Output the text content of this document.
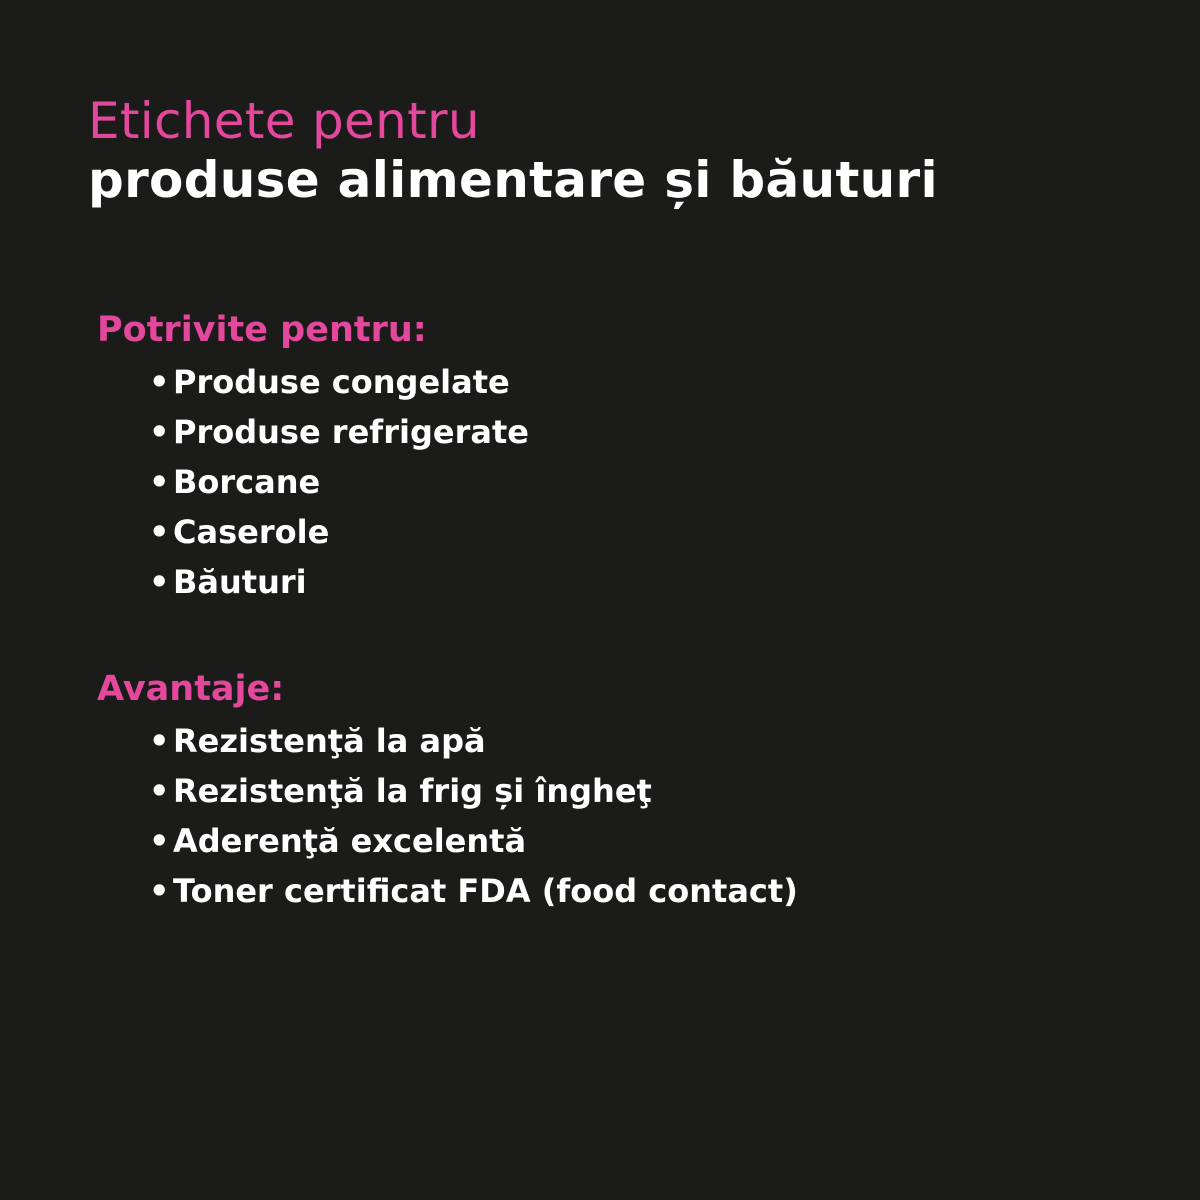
Etichete pentru
produse alimentare și băuturi
Potrivite pentru:
• Produse congelate
• Produse refrigerate
• Borcane
• Caserole
• Băuturi
Avantaje:
• Rezistenţă la apă
• Rezistenţă la frig și îngheţ
• Aderenţă excelentă
• Toner certificat FDA (food contact)
